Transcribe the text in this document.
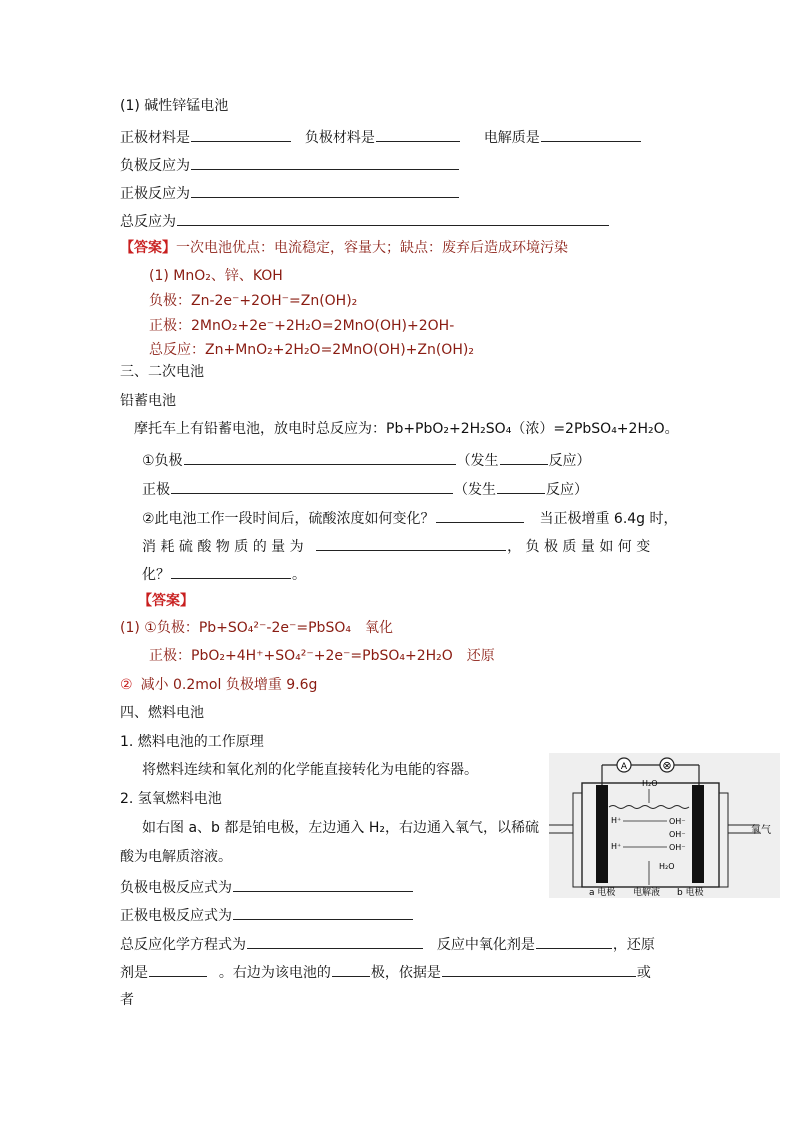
(1) 碱性锌锰电池
正极材料是	负极材料是	电解质是
负极反应为
正极反应为
总反应为
【答案】一次电池优点：电流稳定，容量大；缺点：废弃后造成环境污染
(1) MnO₂、锌、KOH
负极：Zn-2e⁻+2OH⁻=Zn(OH)₂
正极：2MnO₂+2e⁻+2H₂O=2MnO(OH)+2OH-
总反应：Zn+MnO₂+2H₂O=2MnO(OH)+Zn(OH)₂
三、二次电池
铅蓄电池
摩托车上有铅蓄电池，放电时总反应为：Pb+PbO₂+2H₂SO₄（浓）=2PbSO₄+2H₂O。
①负极	（发生	反应）
正极	（发生	反应）
②此电池工作一段时间后，硫酸浓度如何变化？	当正极增重 6.4g 时，
消 耗 硫 酸 物 质 的 量 为	， 负 极 质 量 如 何 变
化？	。
【答案】
(1) ①负极：Pb+SO₄²⁻-2e⁻=PbSO₄ 氧化
正极：PbO₂+4H⁺+SO₄²⁻+2e⁻=PbSO₄+2H₂O 还原
② 减小 0.2mol 负极增重 9.6g
四、燃料电池
1. 燃料电池的工作原理
将燃料连续和氧化剂的化学能直接转化为电能的容器。
2. 氢氧燃料电池
如右图 a、b 都是铂电极，左边通入 H₂，右边通入氧气，以稀硫
酸为电解质溶液。
负极电极反应式为
正极电极反应式为
总反应化学方程式为	反应中氧化剂是	，还原
剂是	。右边为该电池的	极，依据是	或
者
A	⊗
氧气
H₂O
H⁺	OH⁻
H⁺	OH⁻
OH⁻
H₂O
a 电极 电解液 b 电极
